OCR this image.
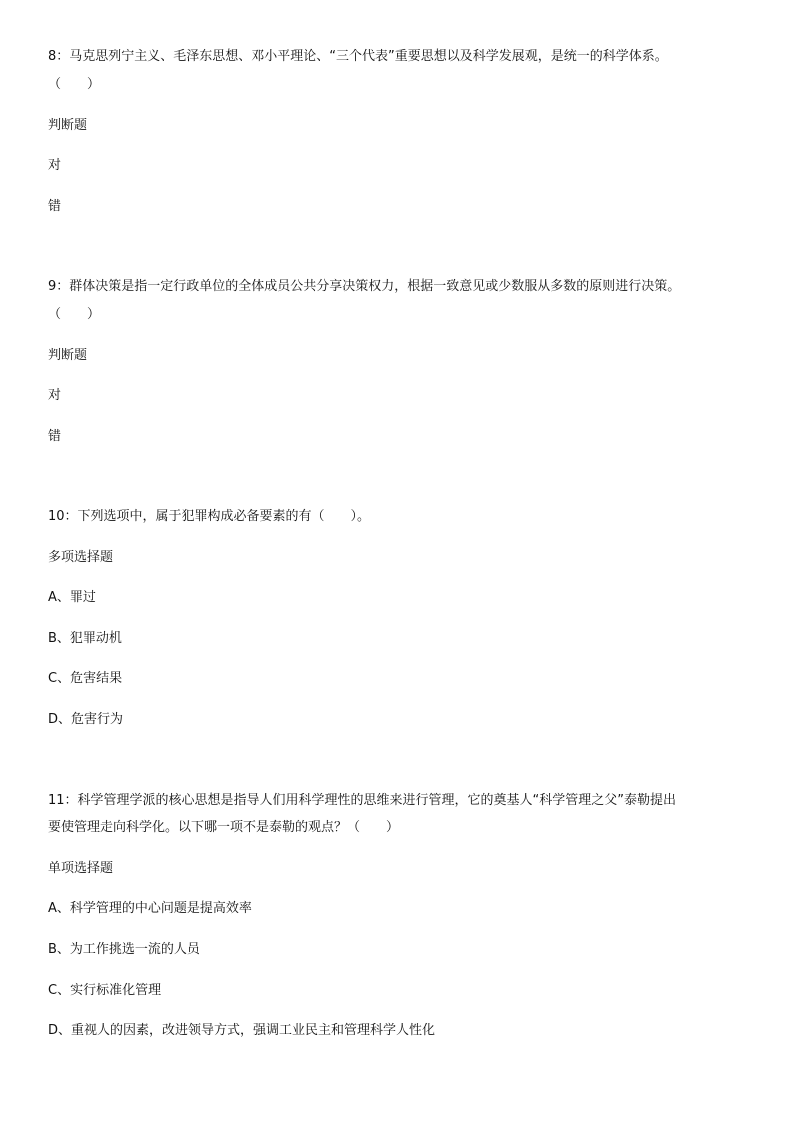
8：马克思列宁主义、毛泽东思想、邓小平理论、“三个代表”重要思想以及科学发展观，是统一的科学体系。
（　　）
判断题
对
错
9：群体决策是指一定行政单位的全体成员公共分享决策权力，根据一致意见或少数服从多数的原则进行决策。
（　　）
判断题
对
错
10：下列选项中，属于犯罪构成必备要素的有（　　）。
多项选择题
A、罪过
B、犯罪动机
C、危害结果
D、危害行为
11：科学管理学派的核心思想是指导人们用科学理性的思维来进行管理，它的奠基人“科学管理之父”泰勒提出
要使管理走向科学化。以下哪一项不是泰勒的观点？（　　）
单项选择题
A、科学管理的中心问题是提高效率
B、为工作挑选一流的人员
C、实行标准化管理
D、重视人的因素，改进领导方式，强调工业民主和管理科学人性化
